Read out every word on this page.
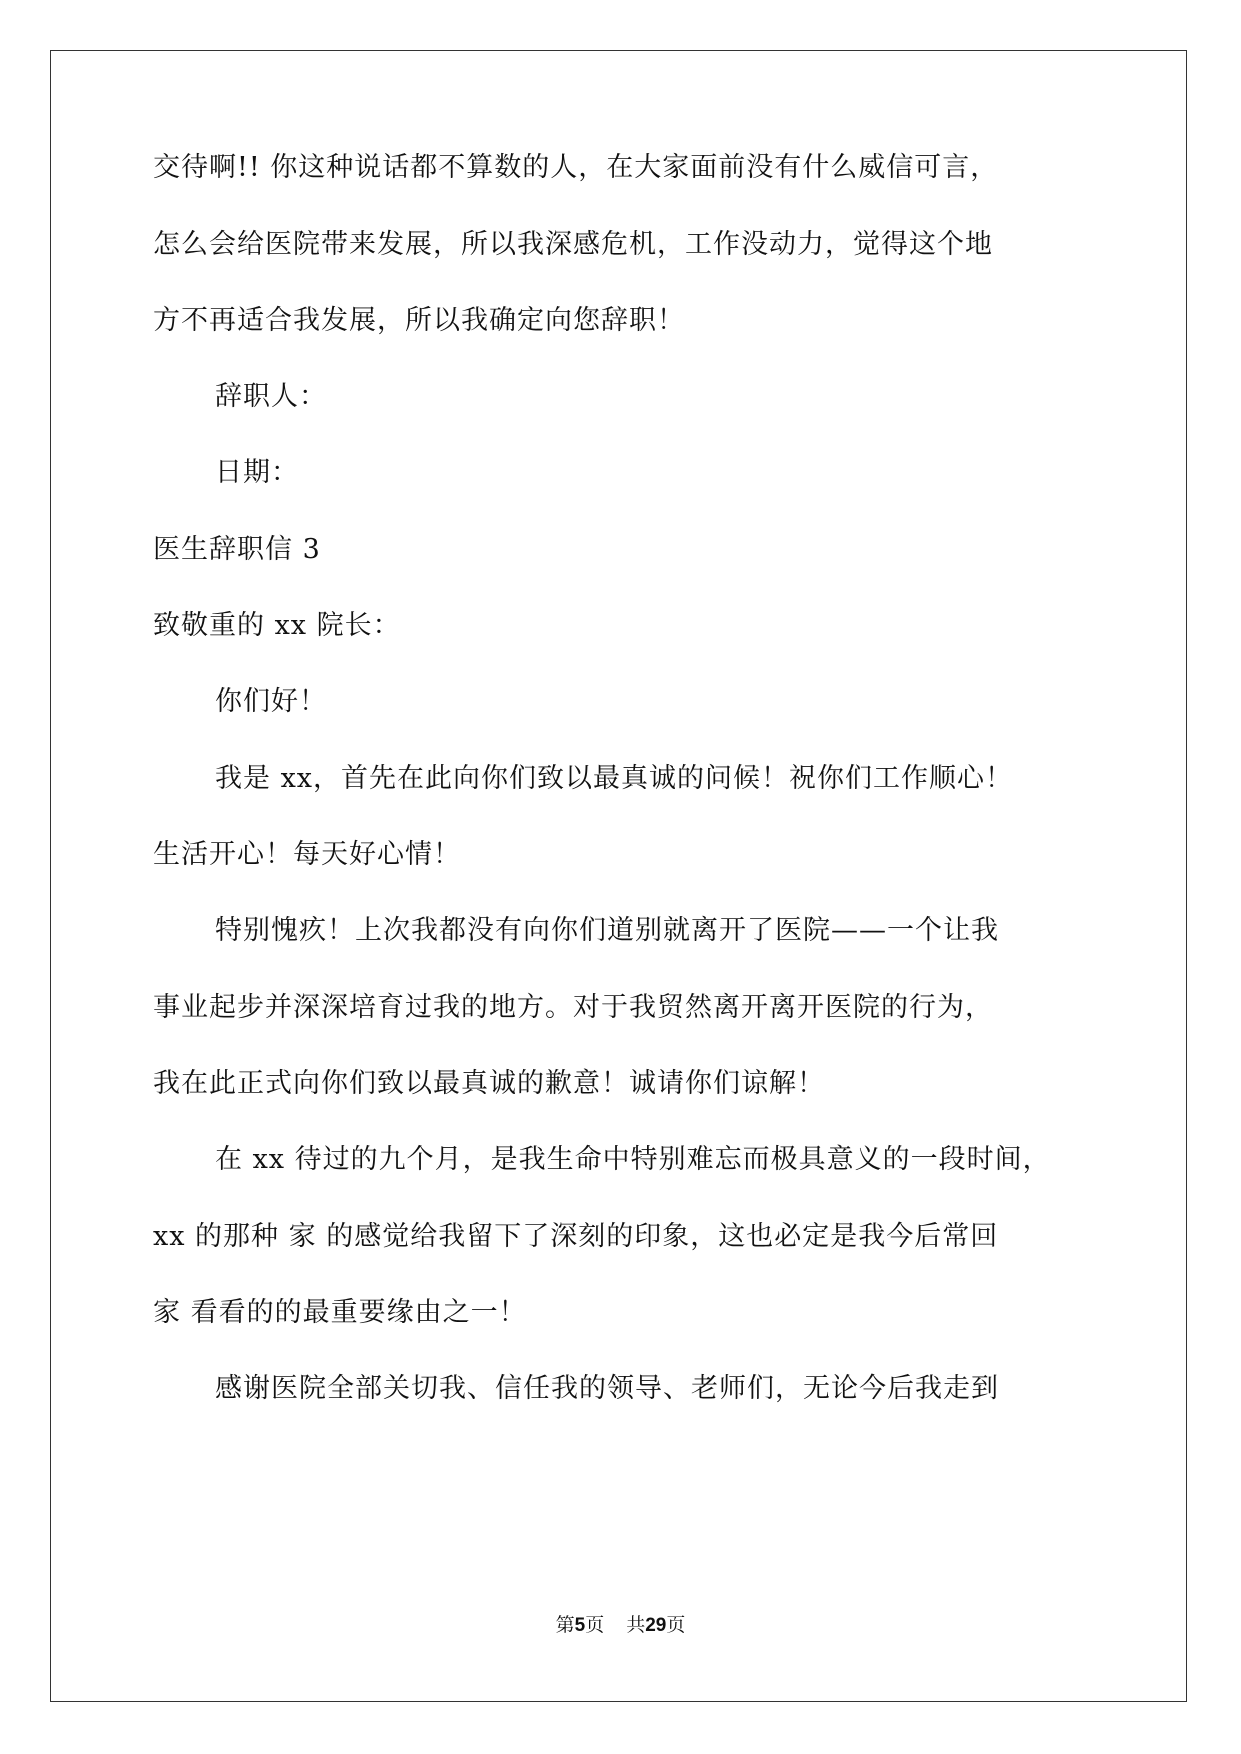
交待啊!! 你这种说话都不算数的人，在大家面前没有什么威信可言，
怎么会给医院带来发展，所以我深感危机，工作没动力，觉得这个地
方不再适合我发展，所以我确定向您辞职！
辞职人：
日期：
医生辞职信 3
致敬重的 xx 院长：
你们好！
我是 xx，首先在此向你们致以最真诚的问候！祝你们工作顺心！
生活开心！每天好心情！
特别愧疚！上次我都没有向你们道别就离开了医院——一个让我
事业起步并深深培育过我的地方。对于我贸然离开离开医院的行为，
我在此正式向你们致以最真诚的歉意！诚请你们谅解！
在 xx 待过的九个月，是我生命中特别难忘而极具意义的一段时间，
xx 的那种 家 的感觉给我留下了深刻的印象，这也必定是我今后常回
家 看看的的最重要缘由之一！
感谢医院全部关切我、信任我的领导、老师们，无论今后我走到
第5页 共29页
